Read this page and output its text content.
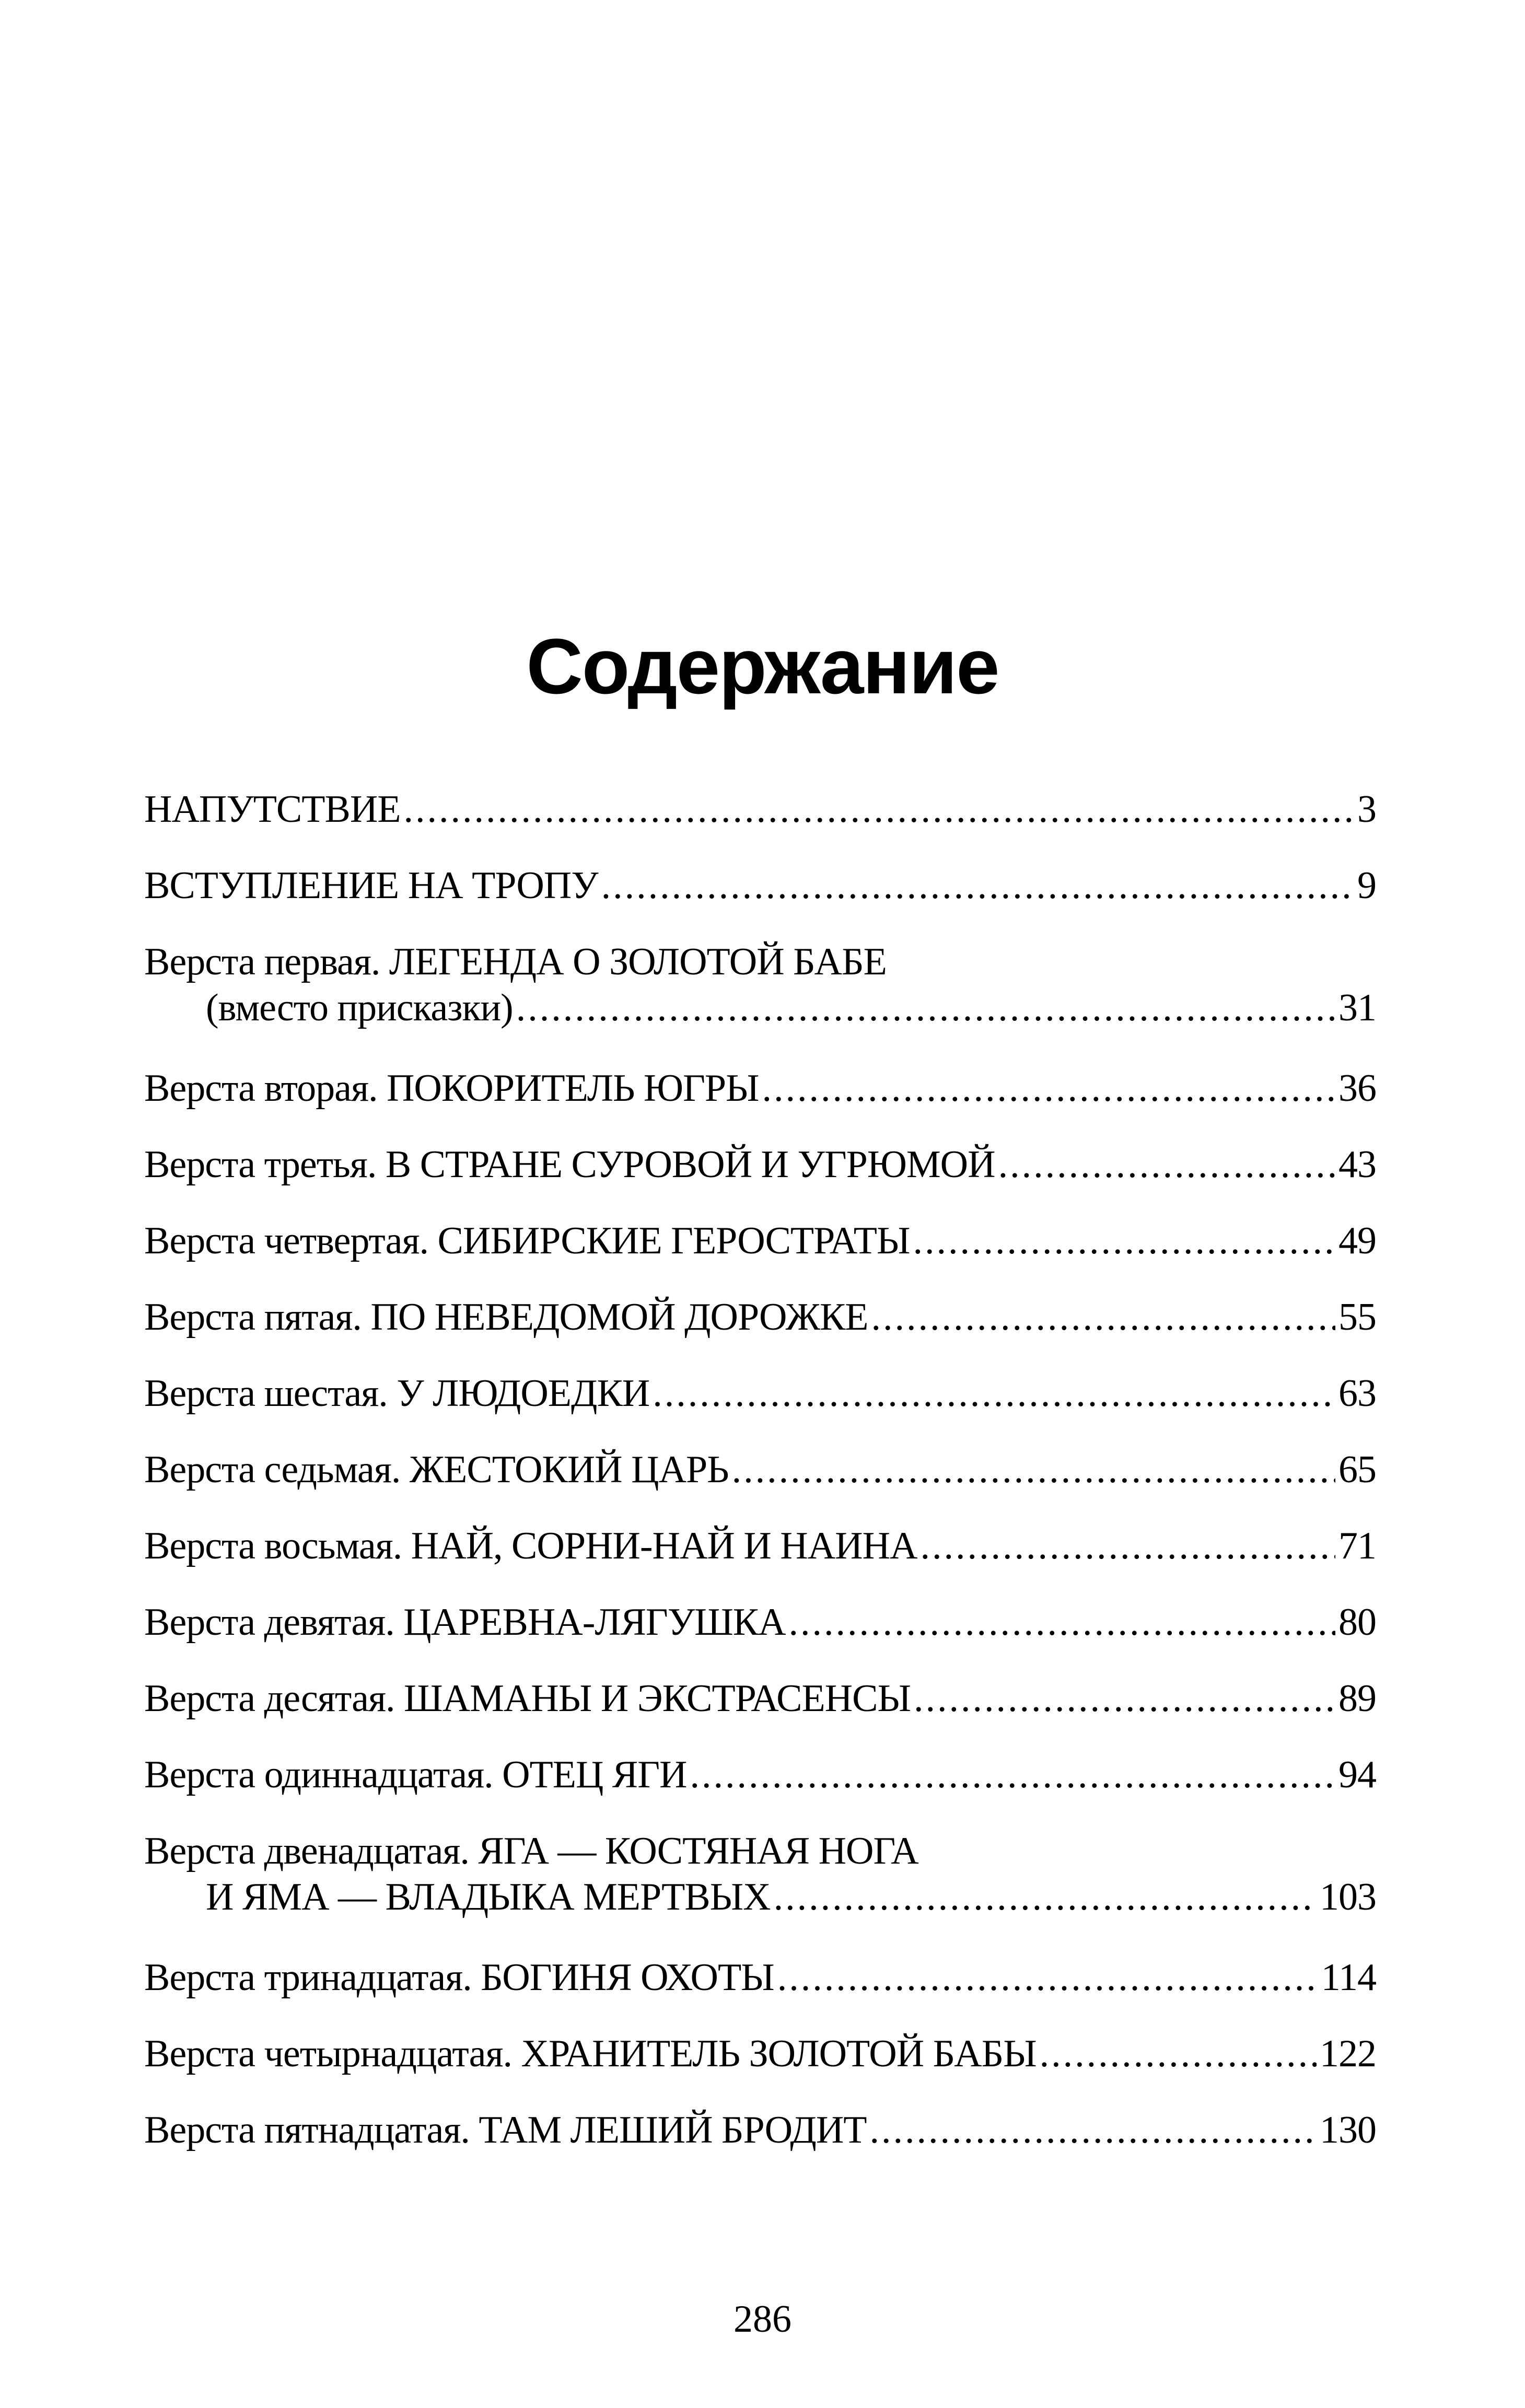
Содержание
НАПУТСТВИЕ .....	3
ВСТУПЛЕНИЕ НА ТРОПУ .....	9
Верста первая. ЛЕГЕНДА О ЗОЛОТОЙ БАБЕ
(вместо присказки) .....	31
Верста вторая. ПОКОРИТЕЛЬ ЮГРЫ .....	36
Верста третья. В СТРАНЕ СУРОВОЙ И УГРЮМОЙ .....	43
Верста четвертая. СИБИРСКИЕ ГЕРОСТРАТЫ .....	49
Верста пятая. ПО НЕВЕДОМОЙ ДОРОЖКЕ .....	55
Верста шестая. У ЛЮДОЕДКИ .....	63
Верста седьмая. ЖЕСТОКИЙ ЦАРЬ .....	65
Верста восьмая. НАЙ, СОРНИ-НАЙ И НАИНА .....	71
Верста девятая. ЦАРЕВНА-ЛЯГУШКА .....	80
Верста десятая. ШАМАНЫ И ЭКСТРАСЕНСЫ .....	89
Верста одиннадцатая. ОТЕЦ ЯГИ .....	94
Верста двенадцатая. ЯГА — КОСТЯНАЯ НОГА
И ЯМА — ВЛАДЫКА МЕРТВЫХ .....	103
Верста тринадцатая. БОГИНЯ ОХОТЫ .....	114
Верста четырнадцатая. ХРАНИТЕЛЬ ЗОЛОТОЙ БАБЫ .....	122
Верста пятнадцатая. ТАМ ЛЕШИЙ БРОДИТ .....	130
286
